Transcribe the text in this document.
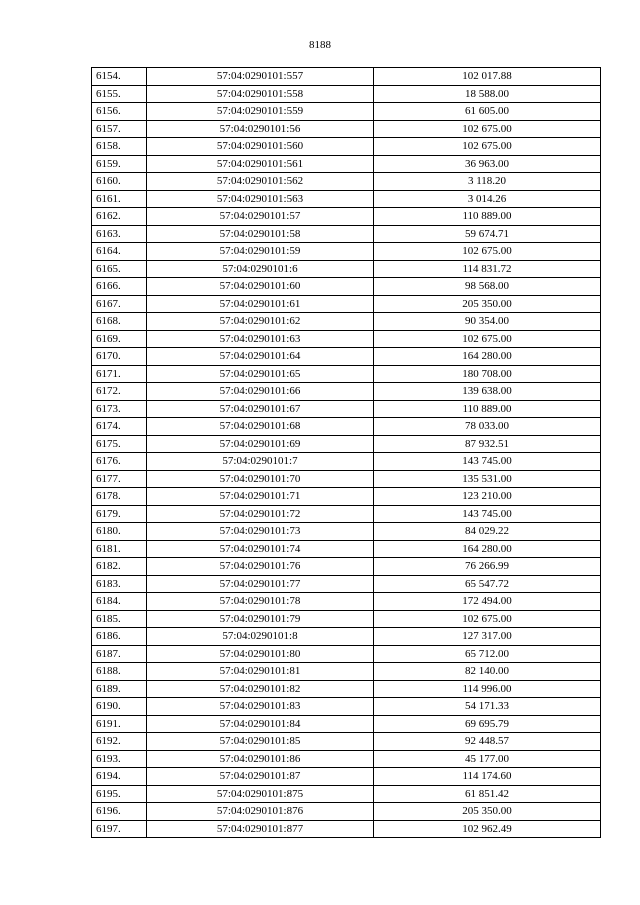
8188
6154.	57:04:0290101:557	102 017.88
6155.	57:04:0290101:558	18 588.00
6156.	57:04:0290101:559	61 605.00
6157.	57:04:0290101:56	102 675.00
6158.	57:04:0290101:560	102 675.00
6159.	57:04:0290101:561	36 963.00
6160.	57:04:0290101:562	3 118.20
6161.	57:04:0290101:563	3 014.26
6162.	57:04:0290101:57	110 889.00
6163.	57:04:0290101:58	59 674.71
6164.	57:04:0290101:59	102 675.00
6165.	57:04:0290101:6	114 831.72
6166.	57:04:0290101:60	98 568.00
6167.	57:04:0290101:61	205 350.00
6168.	57:04:0290101:62	90 354.00
6169.	57:04:0290101:63	102 675.00
6170.	57:04:0290101:64	164 280.00
6171.	57:04:0290101:65	180 708.00
6172.	57:04:0290101:66	139 638.00
6173.	57:04:0290101:67	110 889.00
6174.	57:04:0290101:68	78 033.00
6175.	57:04:0290101:69	87 932.51
6176.	57:04:0290101:7	143 745.00
6177.	57:04:0290101:70	135 531.00
6178.	57:04:0290101:71	123 210.00
6179.	57:04:0290101:72	143 745.00
6180.	57:04:0290101:73	84 029.22
6181.	57:04:0290101:74	164 280.00
6182.	57:04:0290101:76	76 266.99
6183.	57:04:0290101:77	65 547.72
6184.	57:04:0290101:78	172 494.00
6185.	57:04:0290101:79	102 675.00
6186.	57:04:0290101:8	127 317.00
6187.	57:04:0290101:80	65 712.00
6188.	57:04:0290101:81	82 140.00
6189.	57:04:0290101:82	114 996.00
6190.	57:04:0290101:83	54 171.33
6191.	57:04:0290101:84	69 695.79
6192.	57:04:0290101:85	92 448.57
6193.	57:04:0290101:86	45 177.00
6194.	57:04:0290101:87	114 174.60
6195.	57:04:0290101:875	61 851.42
6196.	57:04:0290101:876	205 350.00
6197.	57:04:0290101:877	102 962.49
